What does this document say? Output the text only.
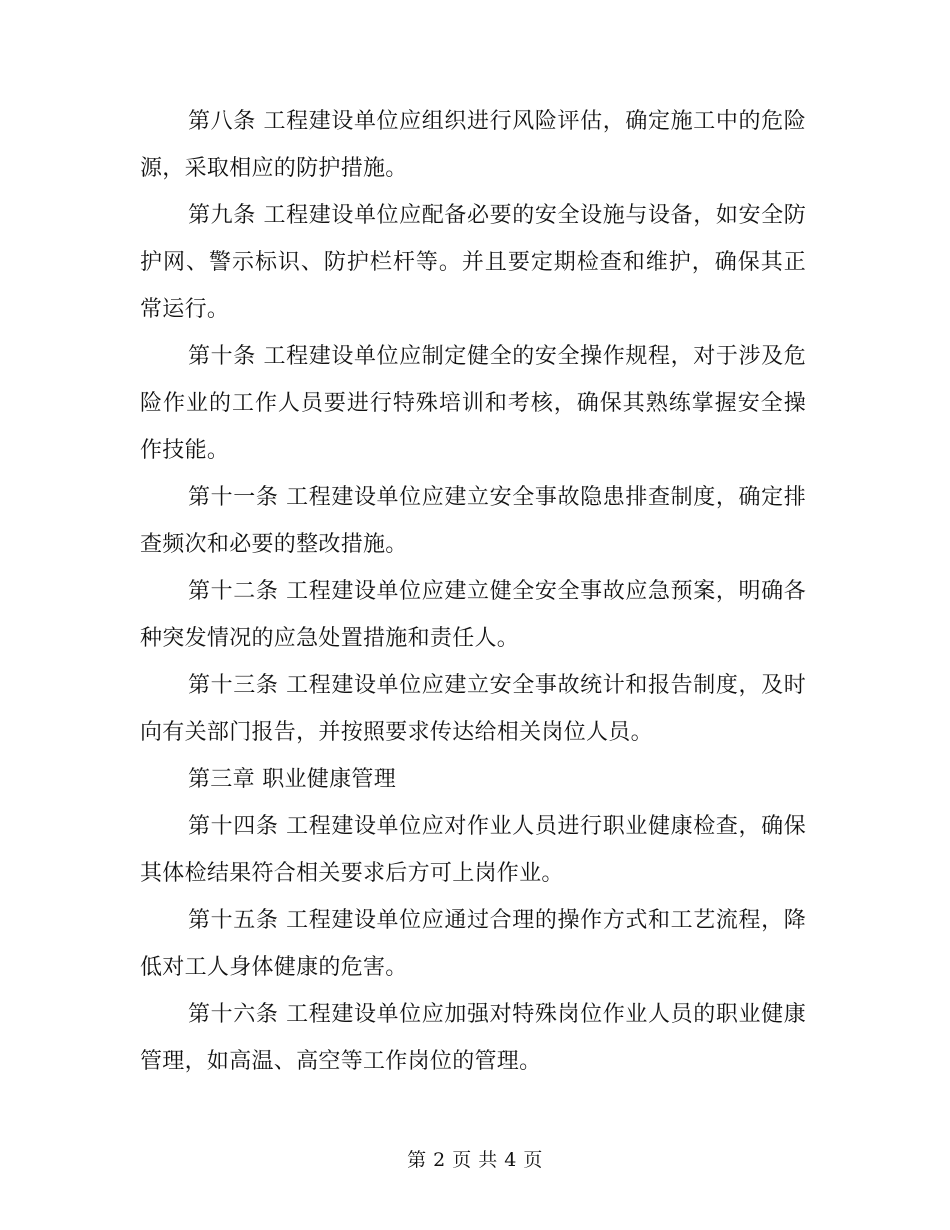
第八条 工程建设单位应组织进行风险评估，确定施工中的危险源，采取相应的防护措施。

第九条 工程建设单位应配备必要的安全设施与设备，如安全防护网、警示标识、防护栏杆等。并且要定期检查和维护，确保其正常运行。

第十条 工程建设单位应制定健全的安全操作规程，对于涉及危险作业的工作人员要进行特殊培训和考核，确保其熟练掌握安全操作技能。

第十一条 工程建设单位应建立安全事故隐患排查制度，确定排查频次和必要的整改措施。

第十二条 工程建设单位应建立健全安全事故应急预案，明确各种突发情况的应急处置措施和责任人。

第十三条 工程建设单位应建立安全事故统计和报告制度，及时向有关部门报告，并按照要求传达给相关岗位人员。

第三章 职业健康管理

第十四条 工程建设单位应对作业人员进行职业健康检查，确保其体检结果符合相关要求后方可上岗作业。

第十五条 工程建设单位应通过合理的操作方式和工艺流程，降低对工人身体健康的危害。

第十六条 工程建设单位应加强对特殊岗位作业人员的职业健康管理，如高温、高空等工作岗位的管理。

第 2 页 共 4 页
